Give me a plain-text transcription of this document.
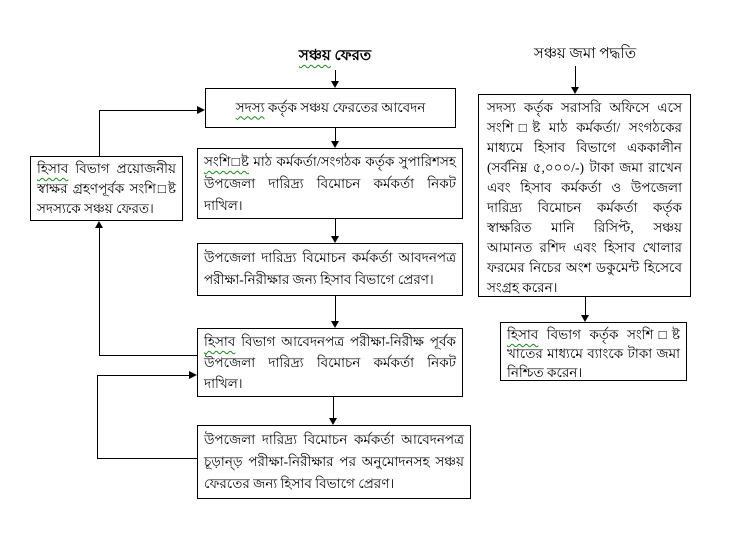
সঞ্চয় ফেরত	সঞ্চয় জমা পদ্ধতি
সদস্য কর্তৃক সঞ্চয় ফেরতের আবেদন
সংশি□ষ্ট মাঠ কর্মকর্তা/সংগঠক কর্তৃক সুপারিশসহ উপজেলা দারিদ্র্য বিমোচন কর্মকর্তা নিকট দাখিল।
উপজেলা দারিদ্র্য বিমোচন কর্মকর্তা আবদনপত্র পরীক্ষা-নিরীক্ষার জন্য হিসাব বিভাগে প্রেরণ।
হিসাব বিভাগ আবেদনপত্র পরীক্ষা-নিরীক্ষ পূর্বক উপজেলা দারিদ্র্য বিমোচন কর্মকর্তা নিকট দাখিল।
উপজেলা দারিদ্র্য বিমোচন কর্মকর্তা আবেদনপত্র চূড়ান্ড় পরীক্ষা-নিরীক্ষার পর অনুমোদনসহ সঞ্চয় ফেরতের জন্য হিসাব বিভাগে প্রেরণ।
হিসাব বিভাগ প্রয়োজনীয় স্বাক্ষর গ্রহণপূর্বক সংশি□ষ্ট সদস্যকে সঞ্চয় ফেরত।
সদস্য কর্তৃক সরাসরি অফিসে এসে সংশি□ষ্ট মাঠ কর্মকর্তা/ সংগঠকের মাধ্যমে হিসাব বিভাগে এককালীন (সর্বনিম্ন ৫,০০০/-) টাকা জমা রাখেন এবং হিসাব কর্মকর্তা ও উপজেলা দারিদ্র্য বিমোচন কর্মকর্তা কর্তৃক স্বাক্ষরিত মানি রিসিপ্ট, সঞ্চয় আমানত রশিদ এবং হিসাব খোলার ফরমের নিচের অংশ ডকুমেন্ট হিসেবে সংগ্রহ করেন।
হিসাব বিভাগ কর্তৃক সংশি□ষ্ট খাতের মাধ্যমে ব্যাংকে টাকা জমা নিশ্চিত করেন।
